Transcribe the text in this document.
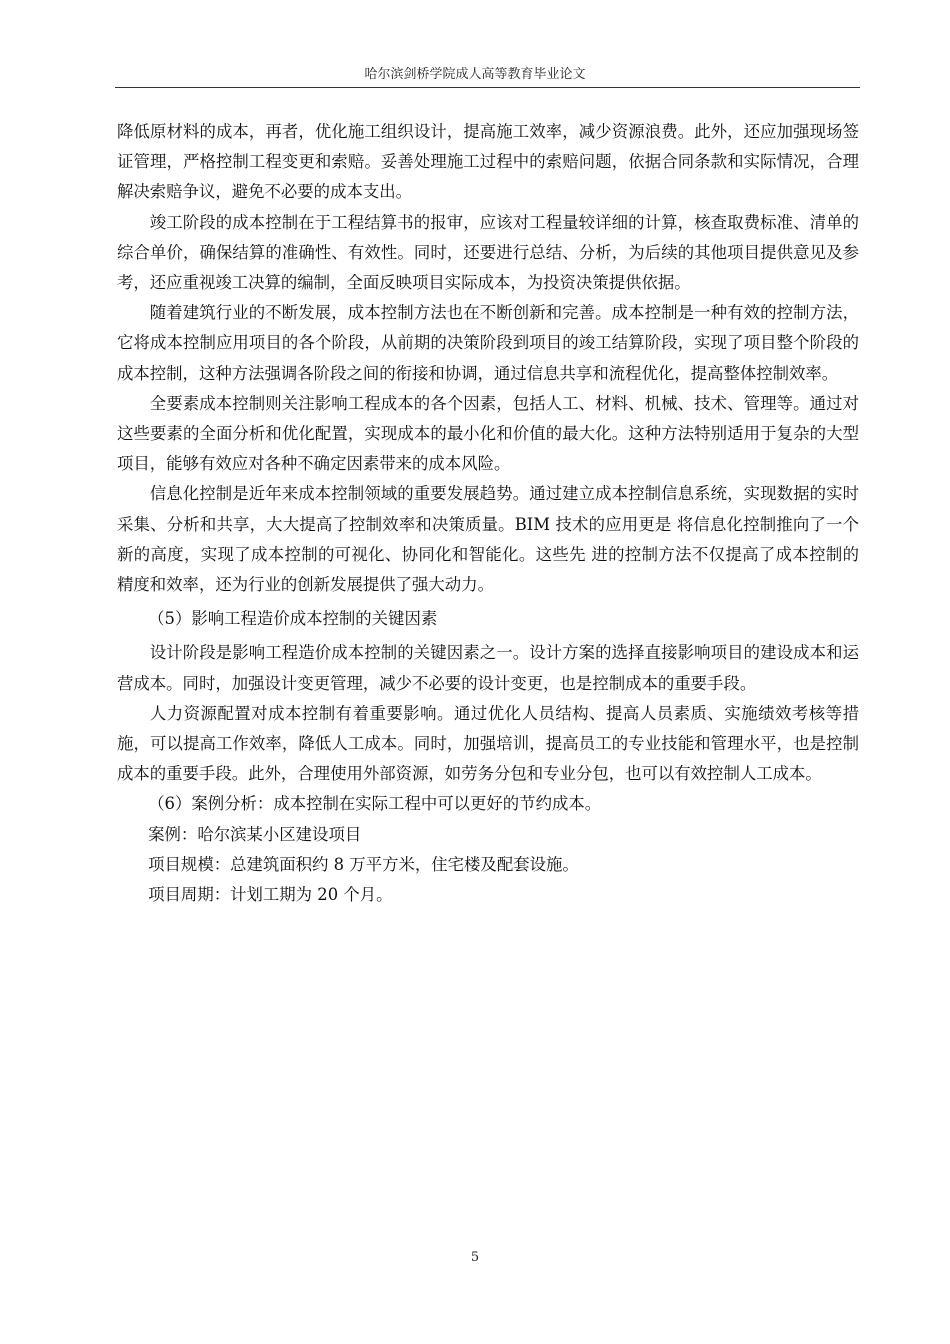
哈尔滨剑桥学院成人高等教育毕业论文

降低原材料的成本，再者，优化施工组织设计，提高施工效率，减少资源浪费。此外，还应加强现场签证管理，严格控制工程变更和索赔。妥善处理施工过程中的索赔问题，依据合同条款和实际情况，合理解决索赔争议，避免不必要的成本支出。

竣工阶段的成本控制在于工程结算书的报审，应该对工程量较详细的计算，核查取费标准、清单的综合单价，确保结算的准确性、有效性。同时，还要进行总结、分析，为后续的其他项目提供意见及参考，还应重视竣工决算的编制，全面反映项目实际成本，为投资决策提供依据。

随着建筑行业的不断发展，成本控制方法也在不断创新和完善。成本控制是一种有效的控制方法，它将成本控制应用项目的各个阶段，从前期的决策阶段到项目的竣工结算阶段，实现了项目整个阶段的成本控制，这种方法强调各阶段之间的衔接和协调，通过信息共享和流程优化，提高整体控制效率。

全要素成本控制则关注影响工程成本的各个因素，包括人工、材料、机械、技术、管理等。通过对这些要素的全面分析和优化配置，实现成本的最小化和价值的最大化。这种方法特别适用于复杂的大型项目，能够有效应对各种不确定因素带来的成本风险。

信息化控制是近年来成本控制领域的重要发展趋势。通过建立成本控制信息系统，实现数据的实时采集、分析和共享，大大提高了控制效率和决策质量。BIM 技术的应用更是 将信息化控制推向了一个新的高度，实现了成本控制的可视化、协同化和智能化。这些先 进的控制方法不仅提高了成本控制的精度和效率，还为行业的创新发展提供了强大动力。

（5）影响工程造价成本控制的关键因素

设计阶段是影响工程造价成本控制的关键因素之一。设计方案的选择直接影响项目的建设成本和运营成本。同时，加强设计变更管理，减少不必要的设计变更，也是控制成本的重要手段。

人力资源配置对成本控制有着重要影响。通过优化人员结构、提高人员素质、实施绩效考核等措施，可以提高工作效率，降低人工成本。同时，加强培训，提高员工的专业技能和管理水平，也是控制成本的重要手段。此外，合理使用外部资源，如劳务分包和专业分包，也可以有效控制人工成本。

（6）案例分析：成本控制在实际工程中可以更好的节约成本。

案例：哈尔滨某小区建设项目

项目规模：总建筑面积约 8 万平方米，住宅楼及配套设施。

项目周期：计划工期为 20 个月。

5
